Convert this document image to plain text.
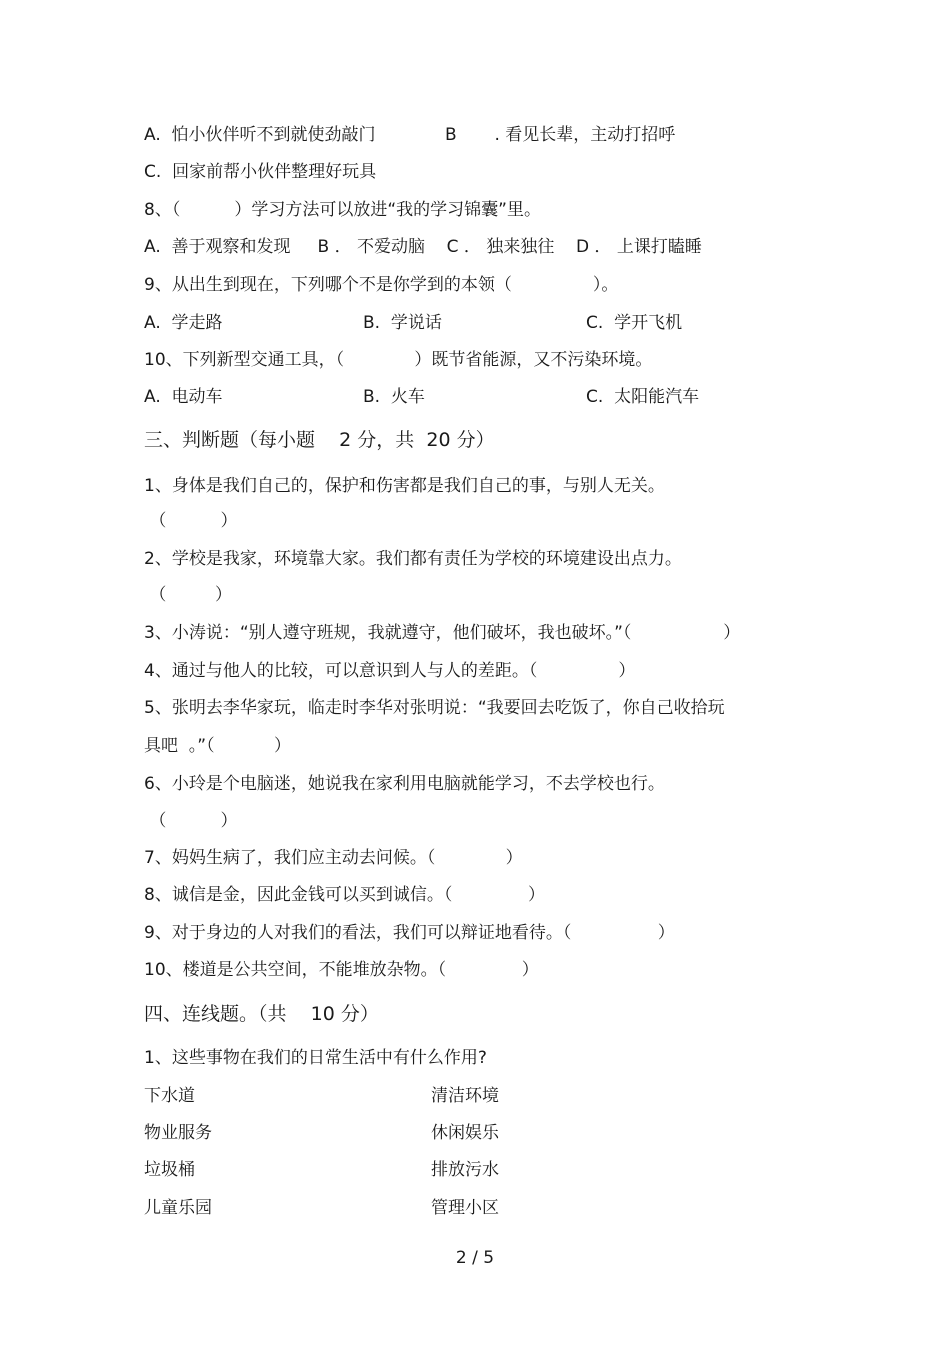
A.  怕小伙伴听不到就使劲敲门	B       . 看见长辈，主动打招呼
C.  回家前帮小伙伴整理好玩具
8、（          ）学习方法可以放进“我的学习锦囊”里。
A.  善于观察和发现     B ． 不爱动脑    C ． 独来独往    D ． 上课打瞌睡
9、从出生到现在，下列哪个不是你学到的本领（               ）。
A.  学走路	B.  学说话	C.  学开飞机
10、下列新型交通工具，（             ）既节省能源，又不污染环境。
A.  电动车	B.  火车	C.  太阳能汽车
三、判断题（每小题    2 分，共  20 分）
1、身体是我们自己的，保护和伤害都是我们自己的事，与别人无关。
（          ）
2、学校是我家，环境靠大家。我们都有责任为学校的环境建设出点力。
（         ）
3、小涛说：“别人遵守班规，我就遵守，他们破坏，我也破坏。”（                 ）
4、通过与他人的比较，可以意识到人与人的差距。（               ）
5、张明去李华家玩，临走时李华对张明说：“我要回去吃饭了，你自己收拾玩
具吧  。”（           ）
6、小玲是个电脑迷，她说我在家利用电脑就能学习，不去学校也行。
（          ）
7、妈妈生病了，我们应主动去问候。（             ）
8、诚信是金，因此金钱可以买到诚信。（              ）
9、对于身边的人对我们的看法，我们可以辩证地看待。（                ）
10、楼道是公共空间，不能堆放杂物。（              ）
四、连线题。（共    10 分）
1、这些事物在我们的日常生活中有什么作用?
下水道	清洁环境
物业服务	休闲娱乐
垃圾桶	排放污水
儿童乐园	管理小区
2 / 5
